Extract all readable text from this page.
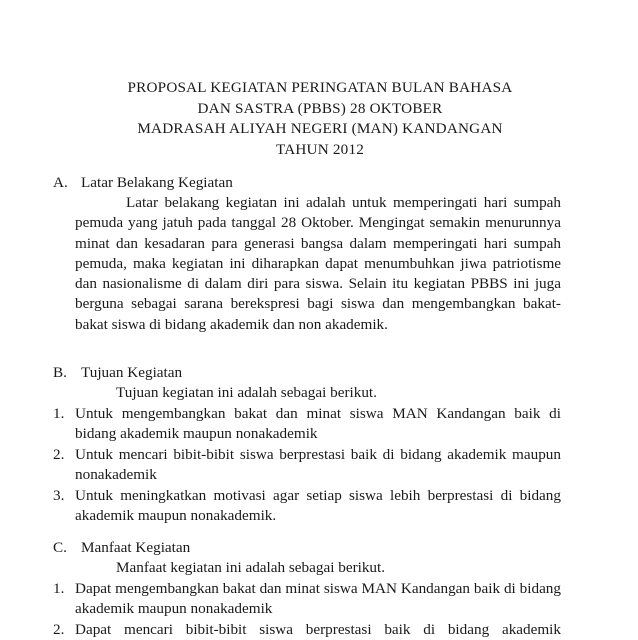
PROPOSAL KEGIATAN PERINGATAN BULAN BAHASA
DAN SASTRA (PBBS) 28 OKTOBER
MADRASAH ALIYAH NEGERI (MAN) KANDANGAN
TAHUN 2012
A. Latar Belakang Kegiatan
Latar belakang kegiatan ini adalah untuk memperingati hari sumpah pemuda yang jatuh pada tanggal 28 Oktober. Mengingat semakin menurunnya minat dan kesadaran para generasi bangsa dalam memperingati hari sumpah pemuda, maka kegiatan ini diharapkan dapat menumbuhkan jiwa patriotisme dan nasionalisme di dalam diri para siswa. Selain itu kegiatan PBBS ini juga berguna sebagai sarana berekspresi bagi siswa dan mengembangkan bakat-bakat siswa di bidang akademik dan non akademik.
B. Tujuan Kegiatan
Tujuan kegiatan ini adalah sebagai berikut.
1. Untuk mengembangkan bakat dan minat siswa MAN Kandangan baik di bidang akademik maupun nonakademik
2. Untuk mencari bibit-bibit siswa berprestasi baik di bidang akademik maupun nonakademik
3. Untuk meningkatkan motivasi agar setiap siswa lebih berprestasi di bidang akademik maupun nonakademik.
C. Manfaat Kegiatan
Manfaat kegiatan ini adalah sebagai berikut.
1. Dapat mengembangkan bakat dan minat siswa MAN Kandangan baik di bidang akademik maupun nonakademik
2. Dapat mencari bibit-bibit siswa berprestasi baik di bidang akademik
